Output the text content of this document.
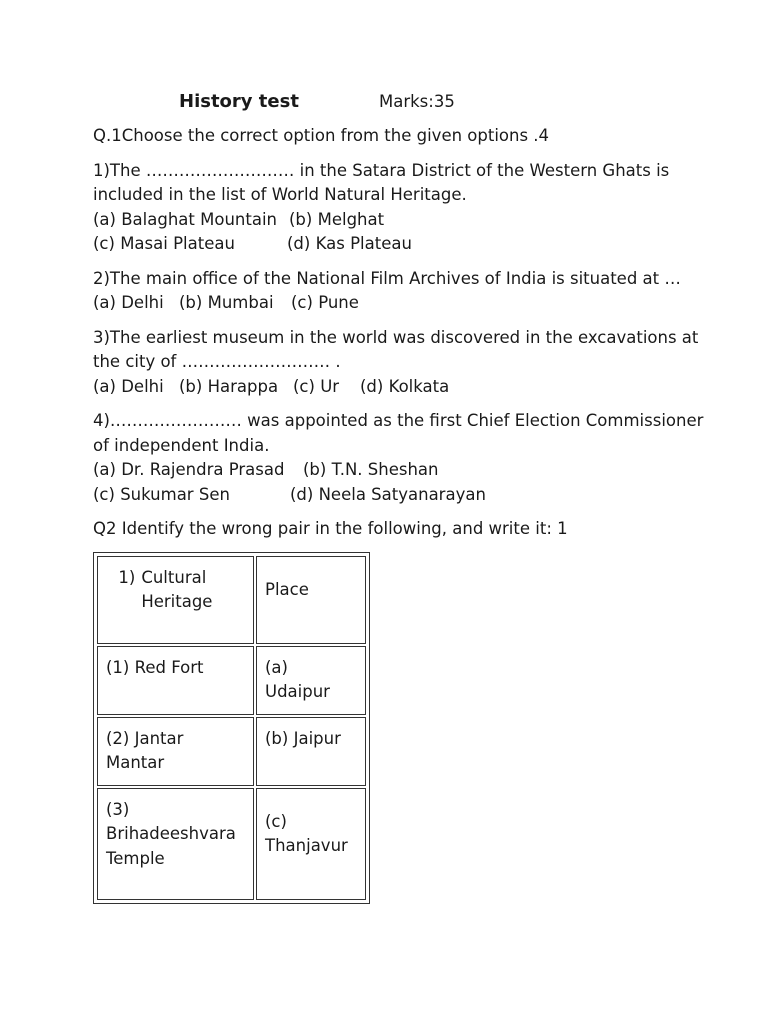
History test	Marks:35
Q.1Choose the correct option from the given options .4
1)The ……………………… in the Satara District of the Western Ghats is
included in the list of World Natural Heritage.
(a) Balaghat Mountain (b) Melghat
(c) Masai Plateau	(d) Kas Plateau
2)The main office of the National Film Archives of India is situated at …
(a) Delhi (b) Mumbai (c) Pune
3)The earliest museum in the world was discovered in the excavations at
the city of ……………………… .
(a) Delhi (b) Harappa (c) Ur (d) Kolkata
4)…………………… was appointed as the first Chief Election Commissioner
of independent India.
(a) Dr. Rajendra Prasad (b) T.N. Sheshan
(c) Sukumar Sen	(d) Neela Satyanarayan
Q2 Identify the wrong pair in the following, and write it: 1
1) Cultural Heritage	Place

(1) Red Fort	(a) Udaipur
(2) Jantar Mantar	(b) Jaipur
(3) Brihadeeshvara Temple	(c) Thanjavur
